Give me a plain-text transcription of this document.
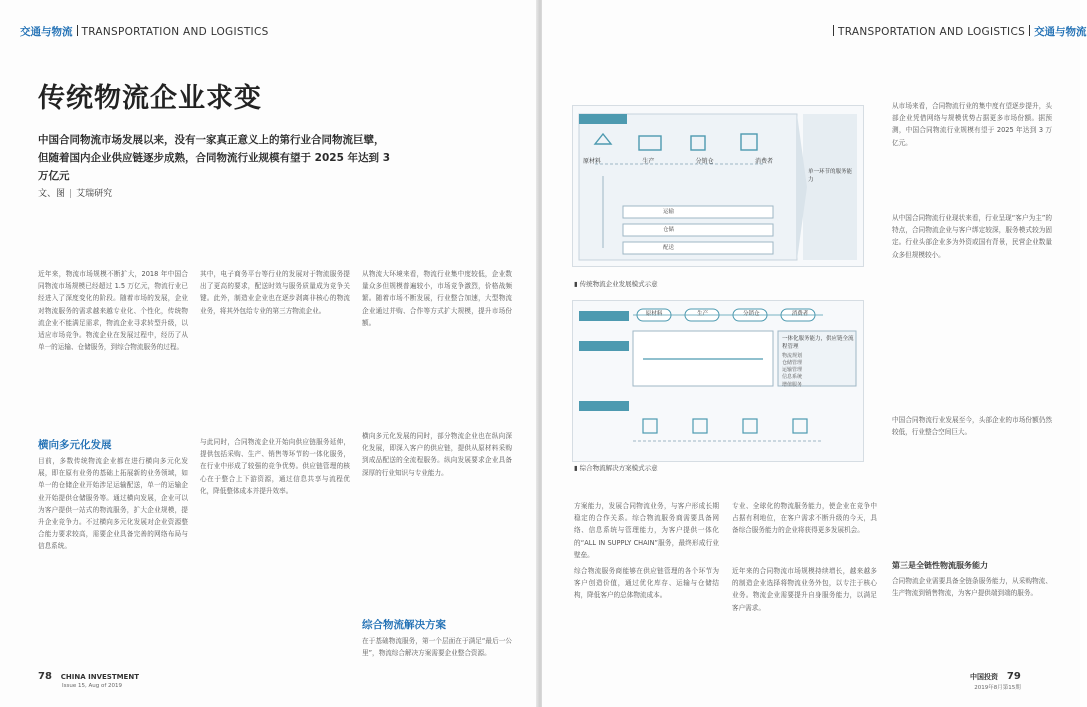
交通与物流 TRANSPORTATION AND LOGISTICS
传统物流企业求变
中国合同物流市场发展以来，没有一家真正意义上的第行业合同物流巨擘，但随着国内企业供应链逐步成熟，合同物流行业规模有望于 2025 年达到 3 万亿元
文、图 | 艾瑞研究
近年来，物流市场规模不断扩大，2018 年中国合同物流市场规模已经超过 1.5 万亿元，物流行业已经进入了深度变化的阶段。随着市场的发展，企业对物流服务的需求越来越专业化、个性化，传统物流企业不能满足需求，物流企业寻求转型升级，以适应市场竞争。物流企业在发展过程中，经历了从单一的运输、仓储服务，到综合物流服务的过程。
横向多元化发展
目前，多数传统物流企业都在进行横向多元化发展，即在原有业务的基础上拓展新的业务领域，如单一的仓储企业开始涉足运输配送，单一的运输企业开始提供仓储服务等。通过横向发展，企业可以为客户提供一站式的物流服务，扩大企业规模，提升企业竞争力。不过横向多元化发展对企业资源整合能力要求较高，需要企业具备完善的网络布局与信息系统。
其中，电子商务平台等行业的发展对于物流服务提出了更高的要求，配送时效与服务质量成为竞争关键。此外，制造业企业也在逐步剥离非核心的物流业务，将其外包给专业的第三方物流企业。
与此同时，合同物流企业开始向供应链服务延伸，提供包括采购、生产、销售等环节的一体化服务，在行业中形成了较强的竞争优势。供应链管理的核心在于整合上下游资源，通过信息共享与流程优化，降低整体成本并提升效率。
从物流大环境来看，物流行业集中度较低，企业数量众多但规模普遍较小，市场竞争激烈，价格战频繁。随着市场不断发展，行业整合加速，大型物流企业通过并购、合作等方式扩大规模，提升市场份额。
横向多元化发展的同时，部分物流企业也在纵向深化发展，即深入客户的供应链，提供从原材料采购到成品配送的全流程服务。纵向发展要求企业具备深厚的行业知识与专业能力。
综合物流解决方案
在于基础物流服务，第一个层面在于满足“最后一公里”，物流综合解决方案需要企业整合资源。
78 CHINA INVESTMENT
Issue 15, Aug of 2019
TRANSPORTATION AND LOGISTICS 交通与物流
原材料	生产	分销仓	消费者
单一环节的服务能力
运输
仓储
配送
▮ 传统物流企业发展模式示意
原材料	生产	分销仓	消费者
一体化服务能力，供应链全流程管理
物流规划
仓储管理
运输管理
信息系统
增值服务
▮ 综合物流解决方案模式示意
方案能力，发展合同物流业务，与客户形成长期稳定的合作关系。综合物流服务商需要具备网络、信息系统与管理能力，为客户提供一体化的“ALL IN SUPPLY CHAIN”服务，最终形成行业壁垒。
综合物流服务商能够在供应链管理的各个环节为客户创造价值，通过优化库存、运输与仓储结构，降低客户的总体物流成本。
专业、全球化的物流服务能力，使企业在竞争中占据有利地位，在客户需求不断升级的今天，具备综合服务能力的企业将获得更多发展机会。
近年来的合同物流市场规模持续增长，越来越多的制造企业选择将物流业务外包，以专注于核心业务。物流企业需要提升自身服务能力，以满足客户需求。
从市场来看，合同物流行业的集中度有望逐步提升，头部企业凭借网络与规模优势占据更多市场份额。据预测，中国合同物流行业规模有望于 2025 年达到 3 万亿元。
从中国合同物流行业现状来看，行业呈现“客户为主”的特点，合同物流企业与客户绑定较深，服务模式较为固定。行业头部企业多为外资或国有背景，民营企业数量众多但规模较小。
中国合同物流行业发展至今，头部企业的市场份额仍然较低，行业整合空间巨大。
第三是全链性物流服务能力
合同物流企业需要具备全链条服务能力，从采购物流、生产物流到销售物流，为客户提供端到端的服务。
中国投资 79
2019年8月第15期
